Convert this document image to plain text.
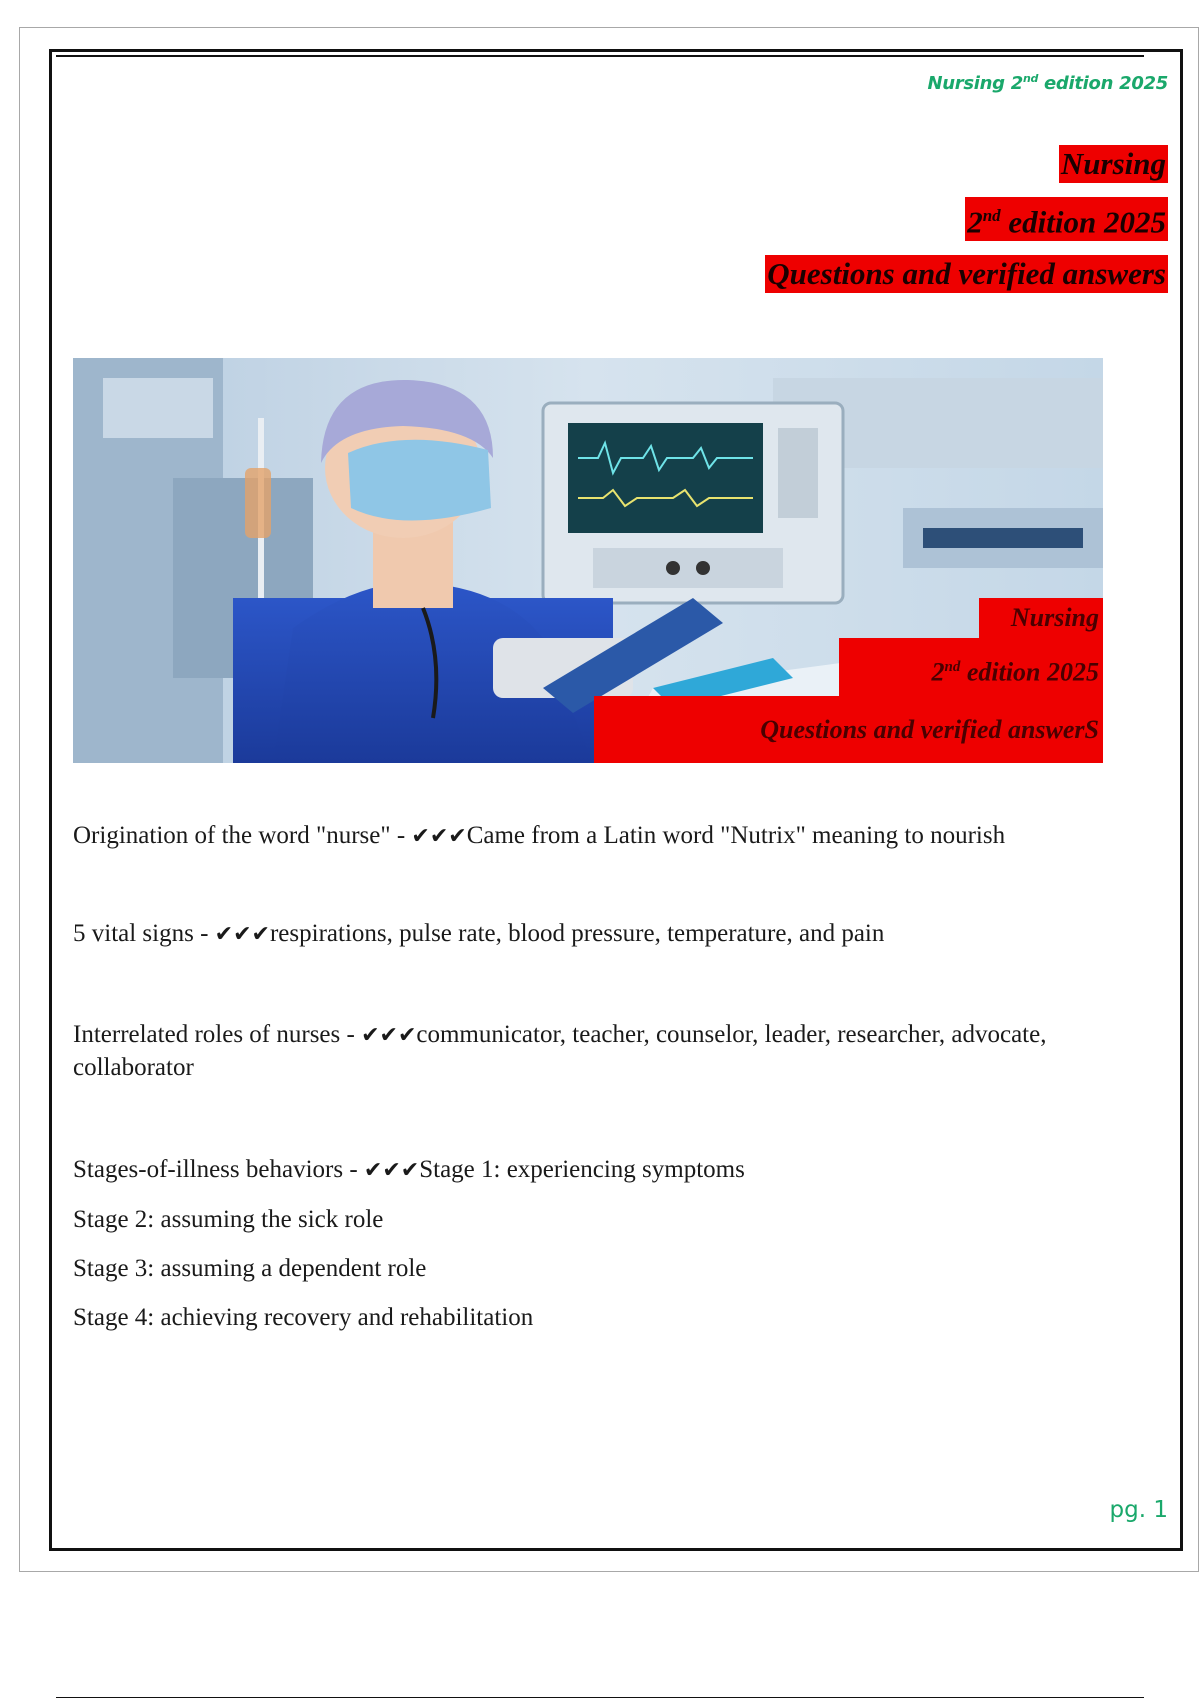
Nursing 2nd edition 2025
Nursing
2nd edition 2025
Questions and verified answers
Nursing
2nd edition 2025
Questions and verified answerS

Origination of the word "nurse" - ✔✔✔Came from a Latin word "Nutrix" meaning to nourish

5 vital signs - ✔✔✔respirations, pulse rate, blood pressure, temperature, and pain

Interrelated roles of nurses - ✔✔✔communicator, teacher, counselor, leader, researcher, advocate, collaborator

Stages-of-illness behaviors - ✔✔✔Stage 1: experiencing symptoms

Stage 2: assuming the sick role

Stage 3: assuming a dependent role

Stage 4: achieving recovery and rehabilitation

pg. 1
